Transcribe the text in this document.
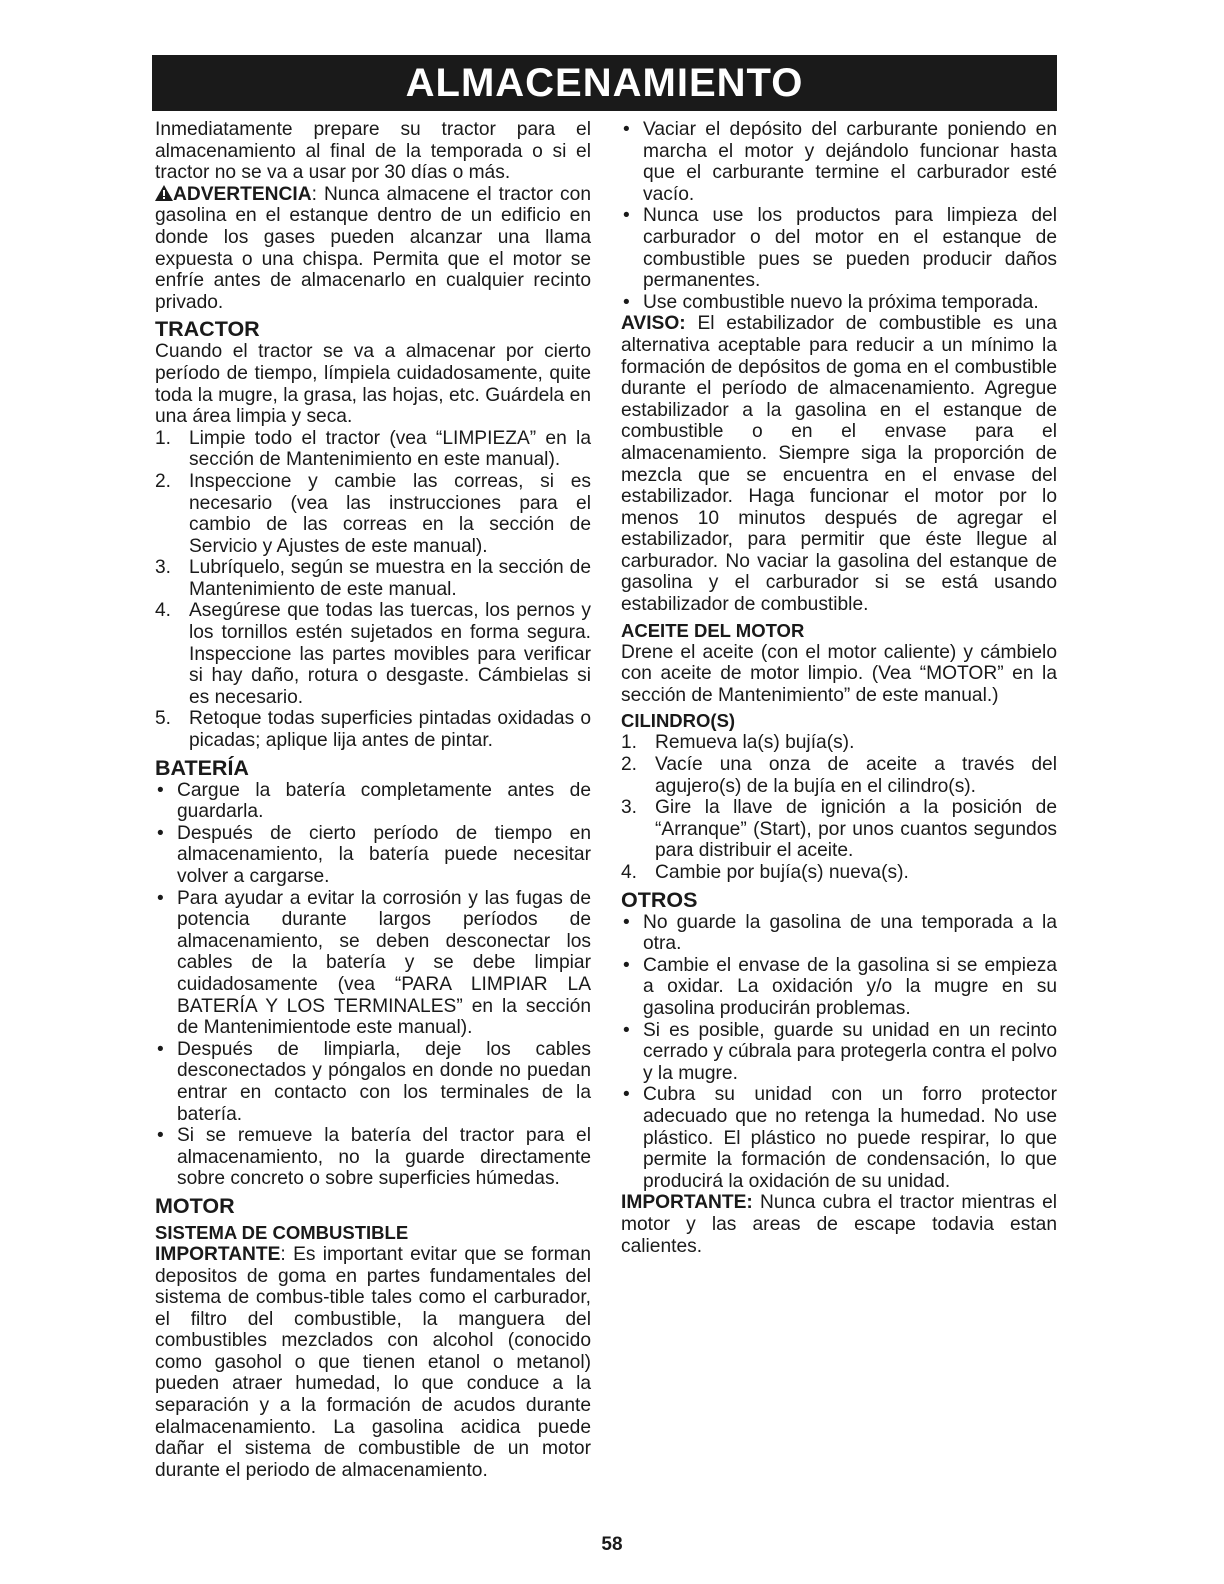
ALMACENAMIENTO

Inmediatamente prepare su tractor para el almacenamiento al final de la temporada o si el tractor no se va a usar por 30 días o más.

ADVERTENCIA: Nunca almacene el tractor con gasolina en el estanque dentro de un edificio en donde los gases pueden alcanzar una llama expuesta o una chispa. Permita que el motor se enfríe antes de almacenarlo en cualquier recinto privado.

TRACTOR

Cuando el tractor se va a almacenar por cierto período de tiempo, límpiela cuidadosamente, quite toda la mugre, la grasa, las hojas, etc. Guárdela en una área limpia y seca.

1. Limpie todo el tractor (vea “LIMPIEZA” en la sección de Mantenimiento en este manual).
2. Inspeccione y cambie las correas, si es necesario (vea las instrucciones para el cambio de las correas en la sección de Servicio y Ajustes de este manual).
3. Lubríquelo, según se muestra en la sección de Mantenimiento de este manual.
4. Asegúrese que todas las tuercas, los pernos y los tornillos estén sujetados en forma segura. Inspeccione las partes movibles para verificar si hay daño, rotura o desgaste. Cámbielas si es necesario.
5. Retoque todas superficies pintadas oxidadas o picadas; aplique lija antes de pintar.
BATERÍA
• Cargue la batería completamente antes de guardarla.
• Después de cierto período de tiempo en almacenamiento, la batería puede necesitar volver a cargarse.
• Para ayudar a evitar la corrosión y las fugas de potencia durante largos períodos de almacenamiento, se deben desconectar los cables de la batería y se debe limpiar cuidadosamente (vea “PARA LIMPIAR LA BATERÍA Y LOS TERMINALES” en la sección de Mantenimientode este manual).
• Después de limpiarla, deje los cables desconectados y póngalos en donde no puedan entrar en contacto con los terminales de la batería.
• Si se remueve la batería del tractor para el almacenamiento, no la guarde directamente sobre concreto o sobre superficies húmedas.
MOTOR
SISTEMA DE COMBUSTIBLE

IMPORTANTE: Es important evitar que se forman depositos de goma en partes fundamentales del sistema de combus-tible tales como el carburador, el filtro del combustible, la manguera del combustibles mezclados con alcohol (conocido como gasohol o que tienen etanol o metanol) pueden atraer humedad, lo que conduce a la separación y a la formación de acudos durante elalmacenamiento. La gasolina acidica puede dañar el sistema de combustible de un motor durante el periodo de almacenamiento.

• Vaciar el depósito del carburante poniendo en marcha el motor y dejándolo funcionar hasta que el carburante termine el carburador esté vacío.
• Nunca use los productos para limpieza del carburador o del motor en el estanque de combustible pues se pueden producir daños permanentes.
• Use combustible nuevo la próxima temporada.

AVISO: El estabilizador de combustible es una alternativa aceptable para reducir a un mínimo la formación de depósitos de goma en el combustible durante el período de almacenamiento. Agregue estabilizador a la gasolina en el estanque de combustible o en el envase para el almacenamiento. Siempre siga la proporción de mezcla que se encuentra en el envase del estabilizador. Haga funcionar el motor por lo menos 10 minutos después de agregar el estabilizador, para permitir que éste llegue al carburador. No vaciar la gasolina del estanque de gasolina y el carburador si se está usando estabilizador de combustible.

ACEITE DEL MOTOR

Drene el aceite (con el motor caliente) y cámbielo con aceite de motor limpio. (Vea “MOTOR” en la sección de Mantenimiento” de este manual.)

CILINDRO(S)
1. Remueva la(s) bujía(s).
2. Vacíe una onza de aceite a través del agujero(s) de la bujía en el cilindro(s).
3. Gire la llave de ignición a la posición de “Arranque” (Start), por unos cuantos segundos para distribuir el aceite.
4. Cambie por bujía(s) nueva(s).
OTROS
• No guarde la gasolina de una temporada a la otra.
• Cambie el envase de la gasolina si se empieza a oxidar. La oxidación y/o la mugre en su gasolina producirán problemas.
• Si es posible, guarde su unidad en un recinto cerrado y cúbrala para protegerla contra el polvo y la mugre.
• Cubra su unidad con un forro protector adecuado que no retenga la humedad. No use plástico. El plástico no puede respirar, lo que permite la formación de condensación, lo que producirá la oxidación de su unidad.

IMPORTANTE: Nunca cubra el tractor mientras el motor y las areas de escape todavia estan calientes.

58
